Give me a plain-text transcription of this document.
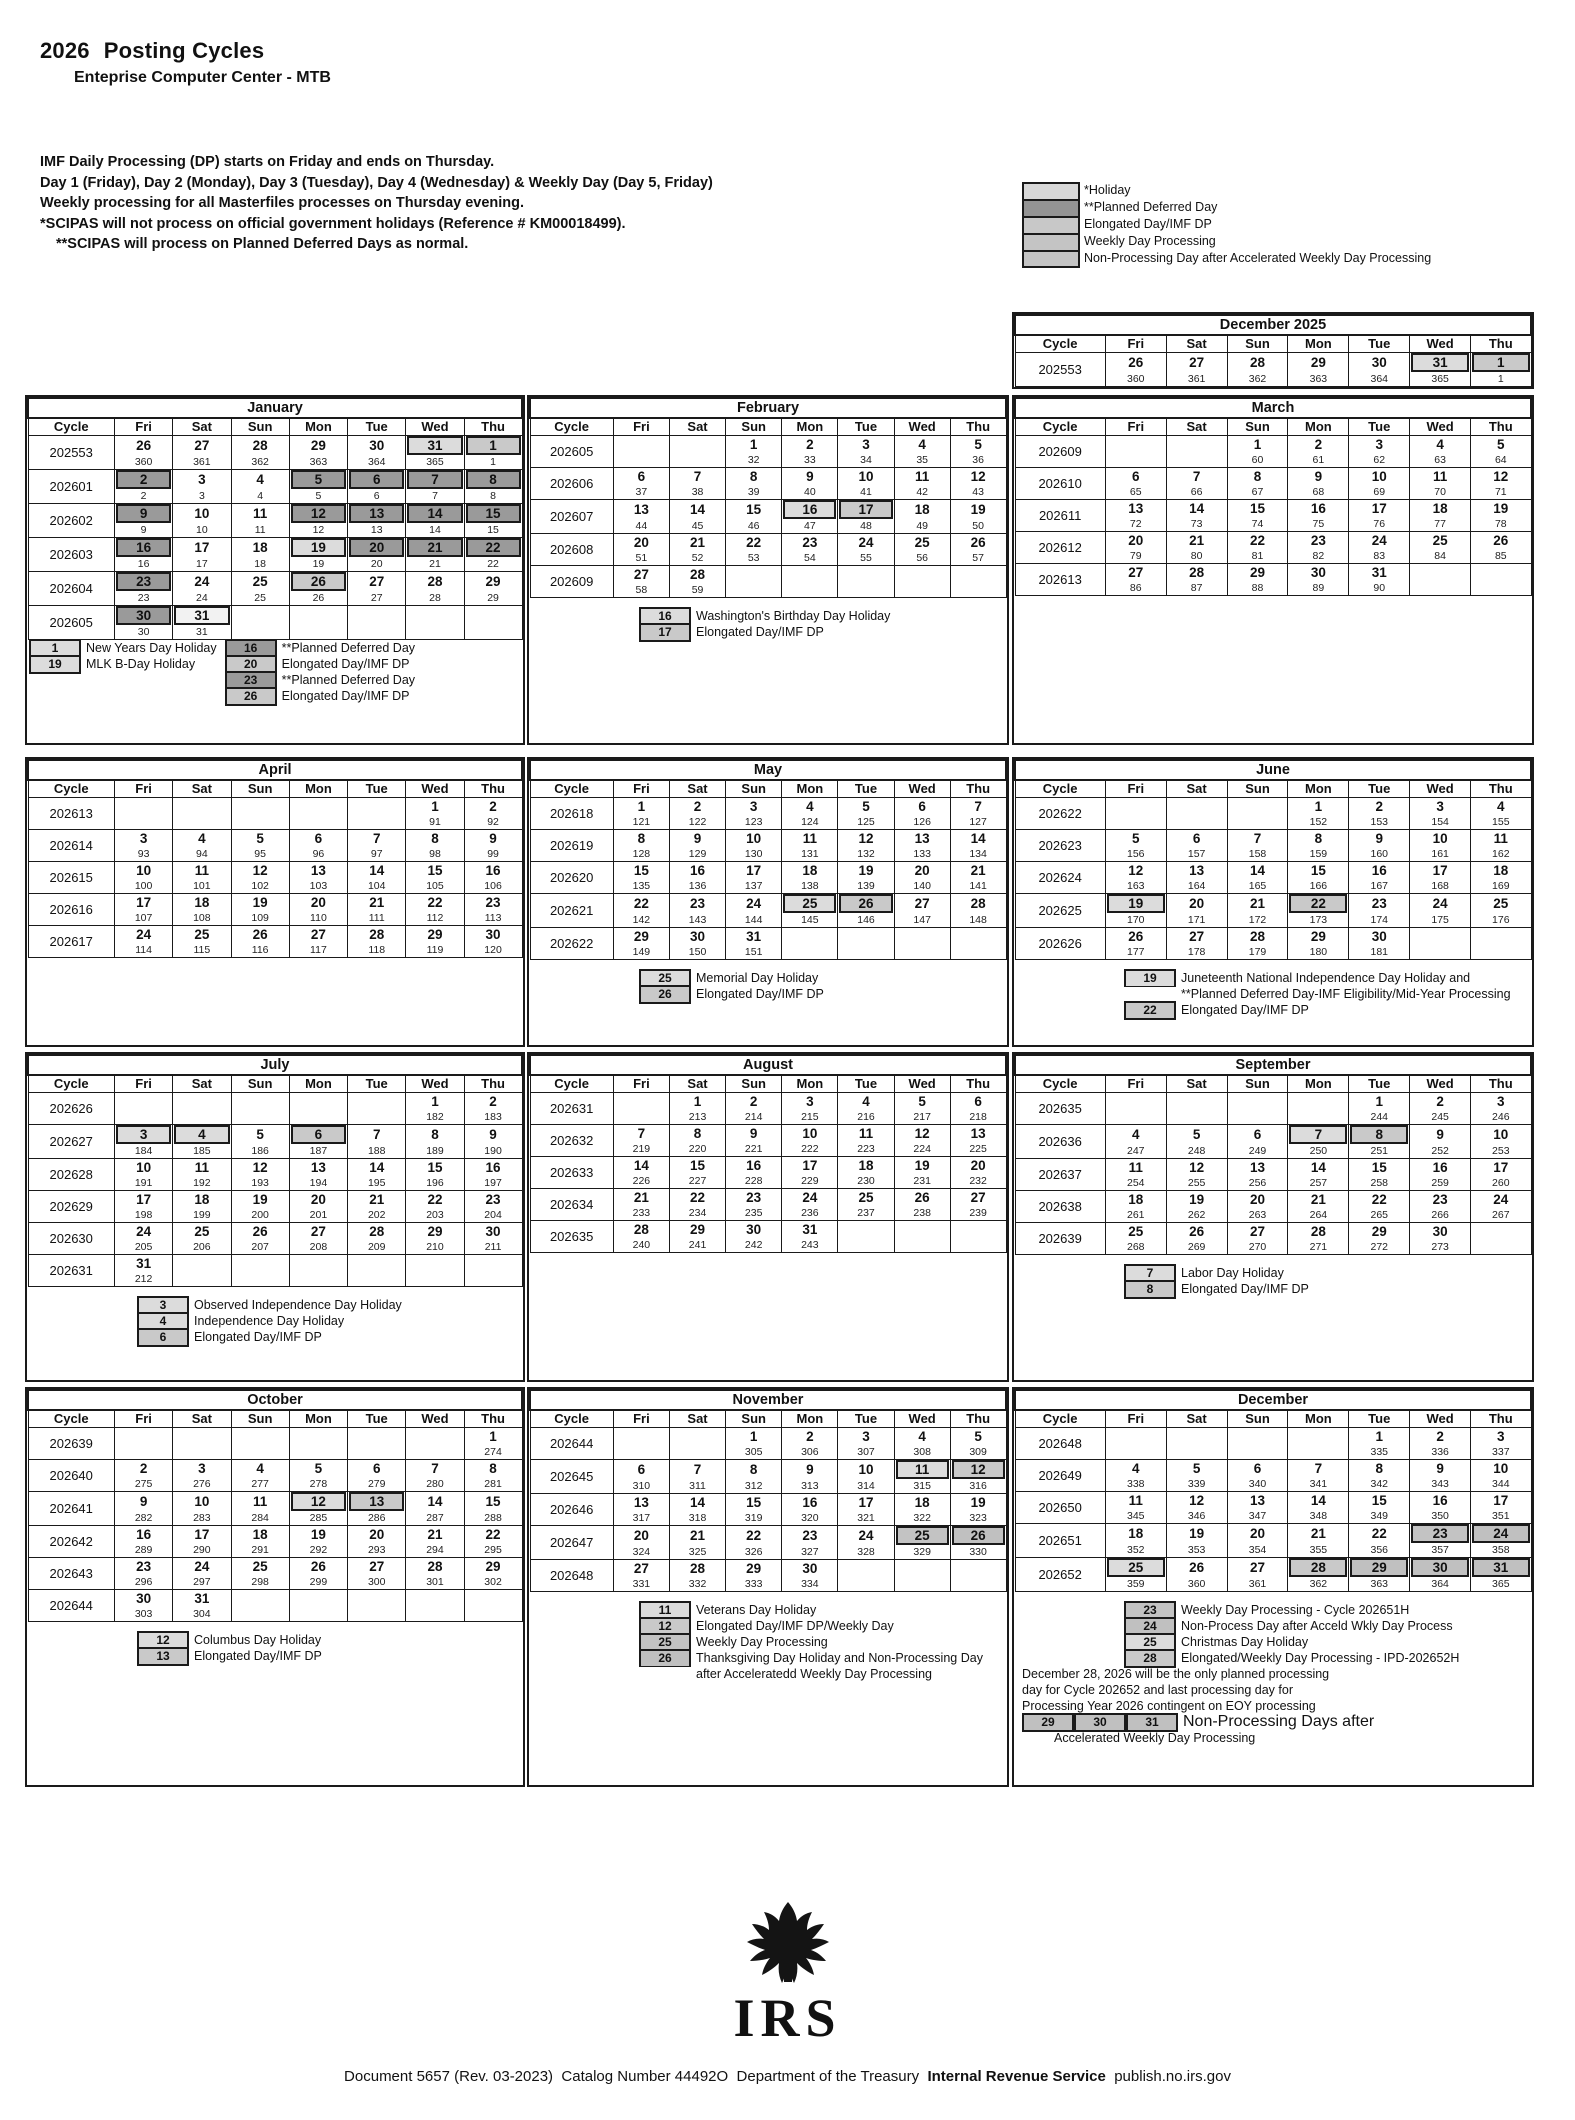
2026 Posting Cycles
Enteprise Computer Center - MTB
IMF Daily Processing (DP) starts on Friday and ends on Thursday.
Day 1 (Friday), Day 2 (Monday), Day 3 (Tuesday), Day 4 (Wednesday) & Weekly Day (Day 5, Friday)
Weekly processing for all Masterfiles processes on Thursday evening.
*SCIPAS will not process on official government holidays (Reference # KM00018499).
**SCIPAS will process on Planned Deferred Days as normal.
*Holiday
**Planned Deferred Day
Elongated Day/IMF DP
Weekly Day Processing
Non-Processing Day after Accelerated Weekly Day Processing
December 2025							
Cycle	Fri	Sat	Sun	Mon	Tue	Wed	Thu
202553	26	27	28	29	30	31	1

	360	361	362	363	364	365	1
January							
Cycle	Fri	Sat	Sun	Mon	Tue	Wed	Thu
202553	26	27	28	29	30	31	1

	360	361	362	363	364	365	1
202601	2	3	4	5	6	7	8

	2	3	4	5	6	7	8
202602	9	10	11	12	13	14	15

	9	10	11	12	13	14	15
202603	16	17	18	19	20	21	22

	16	17	18	19	20	21	22
202604	23	24	25	26	27	28	29
	23	24	25	26	27	28	29
202605	30	31					

	30	31					
1	New Years Day Holiday
19	MLK B-Day Holiday
16	**Planned Deferred Day
20	Elongated Day/IMF DP
23	**Planned Deferred Day
26	Elongated Day/IMF DP
February							
Cycle	Fri	Sat	Sun	Mon	Tue	Wed	Thu
202605			1	2	3	4	5
			32	33	34	35	36
202606	6	7	8	9	10	11	12
	37	38	39	40	41	42	43
202607	13	14	15	16	17	18	19
	44	45	46	47	48	49	50
202608	20	21	22	23	24	25	26
	51	52	53	54	55	56	57
202609	27	28					
	58	59					
16	Washington's Birthday Day Holiday
17	Elongated Day/IMF DP
March							
Cycle	Fri	Sat	Sun	Mon	Tue	Wed	Thu
202609			1	2	3	4	5
			60	61	62	63	64
202610	6	7	8	9	10	11	12
	65	66	67	68	69	70	71
202611	13	14	15	16	17	18	19
	72	73	74	75	76	77	78
202612	20	21	22	23	24	25	26
	79	80	81	82	83	84	85
202613	27	28	29	30	31		
	86	87	88	89	90		
April							
Cycle	Fri	Sat	Sun	Mon	Tue	Wed	Thu
202613						1	2
						91	92
202614	3	4	5	6	7	8	9
	93	94	95	96	97	98	99
202615	10	11	12	13	14	15	16
	100	101	102	103	104	105	106
202616	17	18	19	20	21	22	23
	107	108	109	110	111	112	113
202617	24	25	26	27	28	29	30
	114	115	116	117	118	119	120
May							
Cycle	Fri	Sat	Sun	Mon	Tue	Wed	Thu
202618	1	2	3	4	5	6	7
	121	122	123	124	125	126	127
202619	8	9	10	11	12	13	14
	128	129	130	131	132	133	134
202620	15	16	17	18	19	20	21
	135	136	137	138	139	140	141
202621	22	23	24	25	26	27	28
	142	143	144	145	146	147	148
202622	29	30	31				
	149	150	151				
25	Memorial Day Holiday
26	Elongated Day/IMF DP
June							
Cycle	Fri	Sat	Sun	Mon	Tue	Wed	Thu
202622				1	2	3	4
				152	153	154	155
202623	5	6	7	8	9	10	11
	156	157	158	159	160	161	162
202624	12	13	14	15	16	17	18
	163	164	165	166	167	168	169
202625	19	20	21	22	23	24	25
	170	171	172	173	174	175	176
202626	26	27	28	29	30		
	177	178	179	180	181		
19	Juneteenth National Independence Day Holiday and
**Planned Deferred Day-IMF Eligibility/Mid-Year Processing
22	Elongated Day/IMF DP
July							
Cycle	Fri	Sat	Sun	Mon	Tue	Wed	Thu
202626						1	2
						182	183
202627	3	4	5	6	7	8	9
	184	185	186	187	188	189	190
202628	10	11	12	13	14	15	16
	191	192	193	194	195	196	197
202629	17	18	19	20	21	22	23
	198	199	200	201	202	203	204
202630	24	25	26	27	28	29	30
	205	206	207	208	209	210	211
202631	31						
	212						
3	Observed Independence Day Holiday
4	Independence Day Holiday
6	Elongated Day/IMF DP
August							
Cycle	Fri	Sat	Sun	Mon	Tue	Wed	Thu
202631		1	2	3	4	5	6
		213	214	215	216	217	218
202632	7	8	9	10	11	12	13
	219	220	221	222	223	224	225
202633	14	15	16	17	18	19	20
	226	227	228	229	230	231	232
202634	21	22	23	24	25	26	27
	233	234	235	236	237	238	239
202635	28	29	30	31			
	240	241	242	243			
September							
Cycle	Fri	Sat	Sun	Mon	Tue	Wed	Thu
202635					1	2	3
					244	245	246
202636	4	5	6	7	8	9	10
	247	248	249	250	251	252	253
202637	11	12	13	14	15	16	17
	254	255	256	257	258	259	260
202638	18	19	20	21	22	23	24
	261	262	263	264	265	266	267
202639	25	26	27	28	29	30	
	268	269	270	271	272	273	
7	Labor Day Holiday
8	Elongated Day/IMF DP
October							
Cycle	Fri	Sat	Sun	Mon	Tue	Wed	Thu
202639							1
							274
202640	2	3	4	5	6	7	8
	275	276	277	278	279	280	281
202641	9	10	11	12	13	14	15
	282	283	284	285	286	287	288
202642	16	17	18	19	20	21	22
	289	290	291	292	293	294	295
202643	23	24	25	26	27	28	29
	296	297	298	299	300	301	302
202644	30	31					
	303	304					
12	Columbus Day Holiday
13	Elongated Day/IMF DP
November							
Cycle	Fri	Sat	Sun	Mon	Tue	Wed	Thu
202644			1	2	3	4	5
			305	306	307	308	309
202645	6	7	8	9	10	11	12

	310	311	312	313	314	315	316
202646	13	14	15	16	17	18	19
	317	318	319	320	321	322	323
202647	20	21	22	23	24	25	26

	324	325	326	327	328	329	330
202648	27	28	29	30			
	331	332	333	334			
11	Veterans Day Holiday
12	Elongated Day/IMF DP/Weekly Day
25	Weekly Day Processing
26	Thanksgiving Day Holiday and Non-Processing Day
after Acceleratedd Weekly Day Processing
December							
Cycle	Fri	Sat	Sun	Mon	Tue	Wed	Thu
202648					1	2	3
					335	336	337
202649	4	5	6	7	8	9	10
	338	339	340	341	342	343	344
202650	11	12	13	14	15	16	17
	345	346	347	348	349	350	351
202651	18	19	20	21	22	23	24

	352	353	354	355	356	357	358
202652	25	26	27	28	29	30	31

	359	360	361	362	363	364	365
23	Weekly Day Processing - Cycle 202651H
24	Non-Process Day after Acceld Wkly Day Process
25	Christmas Day Holiday
28	Elongated/Weekly Day Processing - IPD-202652H
December 28, 2026 will be the only planned processing
day for Cycle 202652 and last processing day for
Processing Year 2026 contingent on EOY processing
29	30	31	Non-Processing Days after
Accelerated Weekly Day Processing
IRS
Document 5657 (Rev. 03-2023) Catalog Number 44492O Department of the Treasury Internal Revenue Service publish.no.irs.gov
